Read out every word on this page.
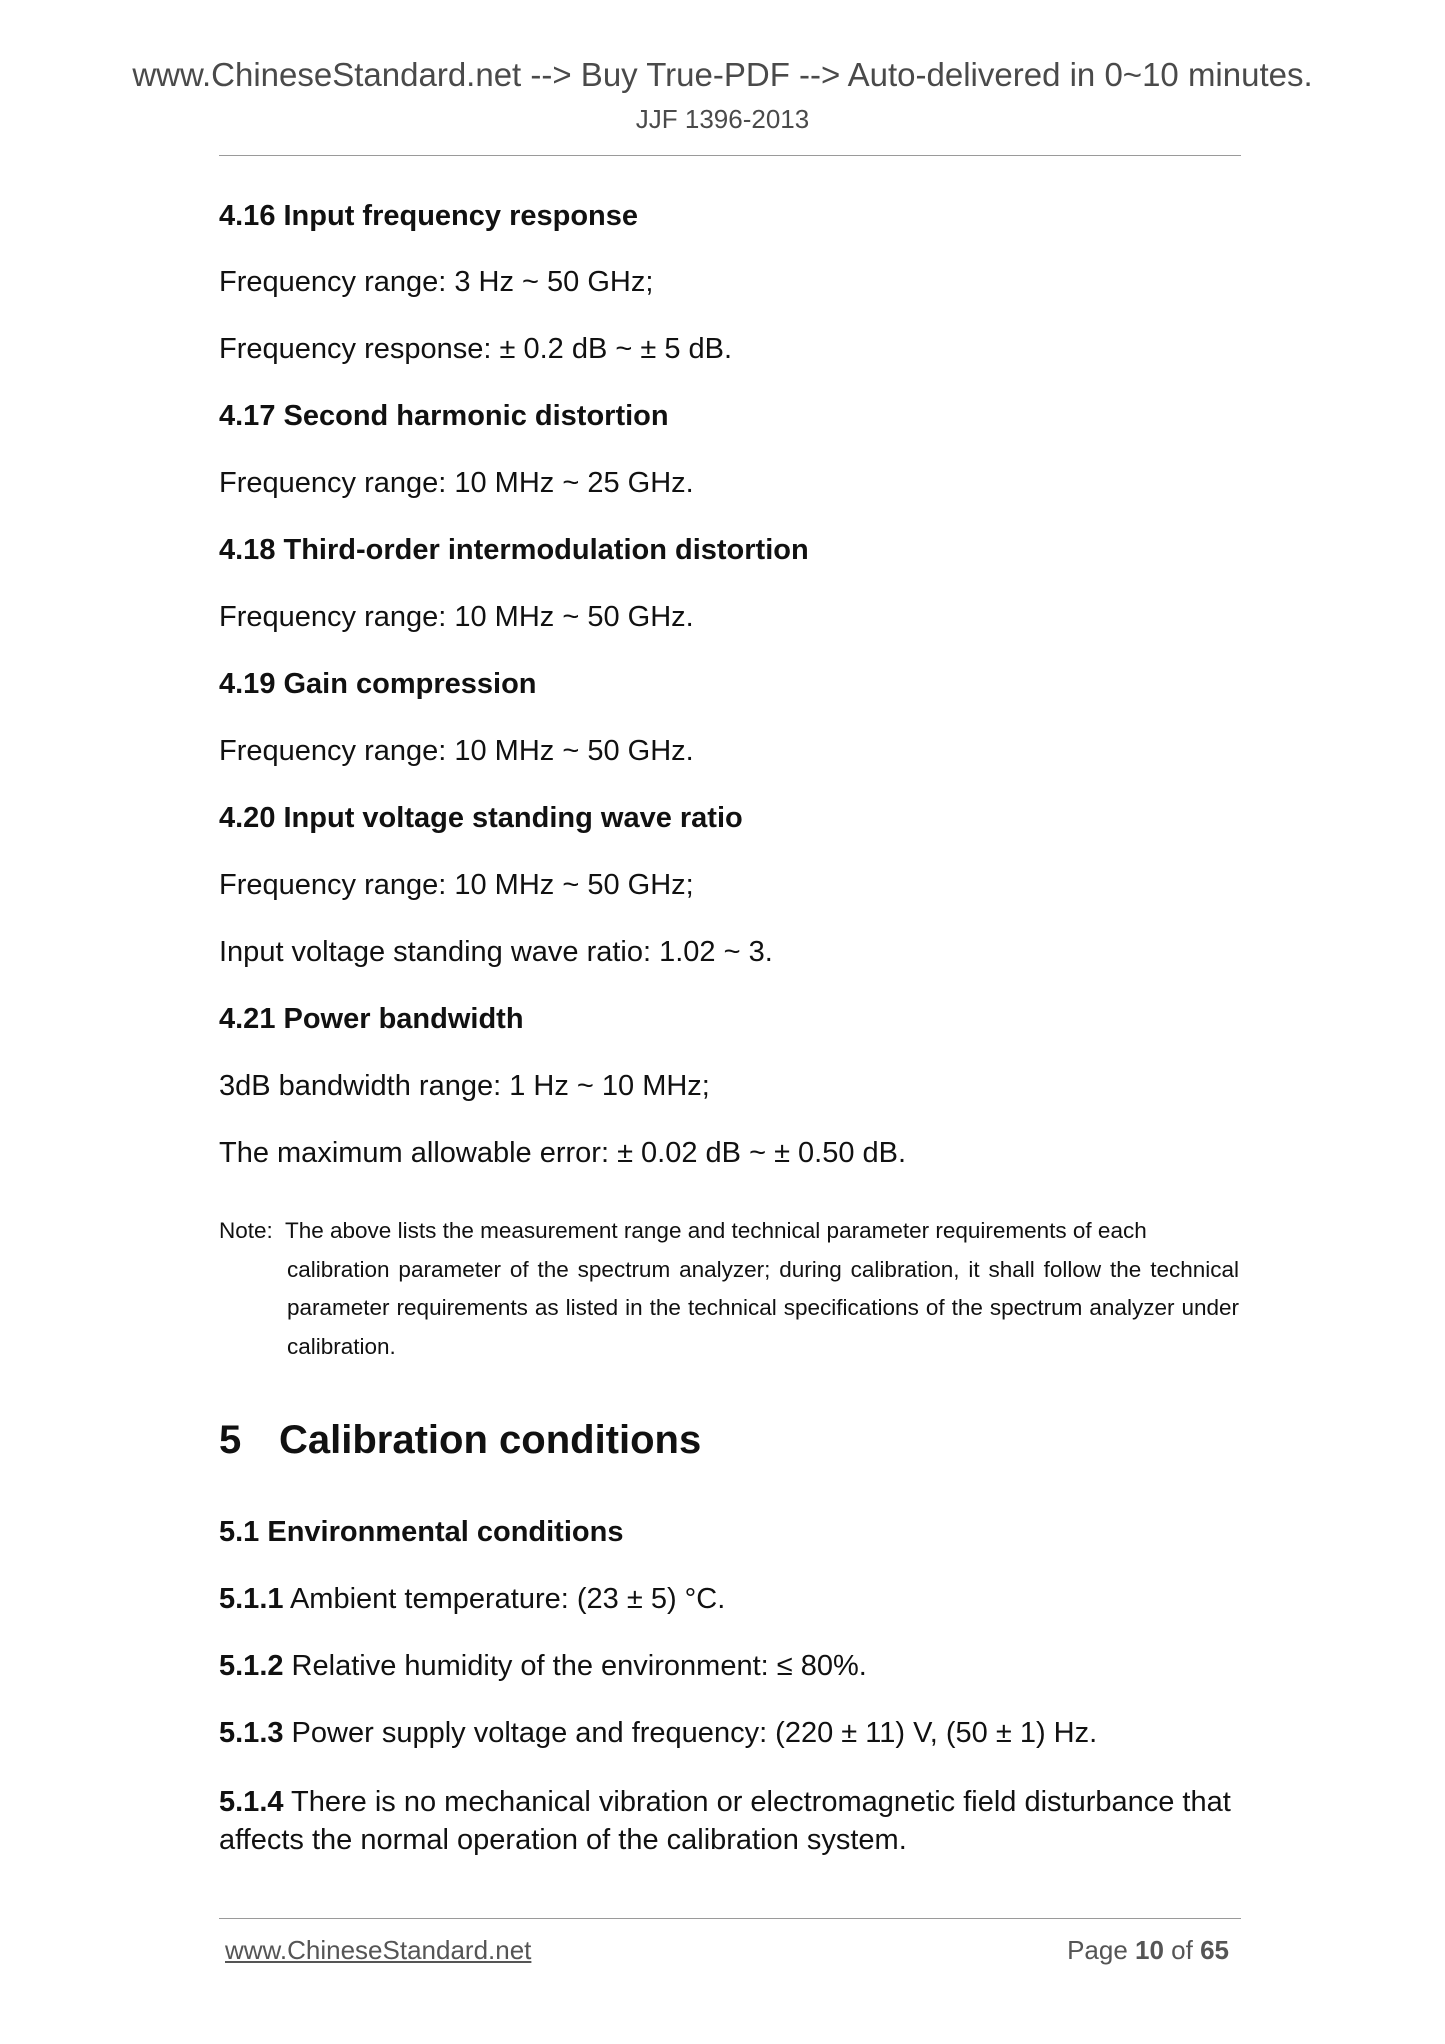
www.ChineseStandard.net --> Buy True-PDF --> Auto-delivered in 0~10 minutes.
JJF 1396-2013
4.16 Input frequency response
Frequency range: 3 Hz ~ 50 GHz;
Frequency response: ± 0.2 dB ~ ± 5 dB.
4.17 Second harmonic distortion
Frequency range: 10 MHz ~ 25 GHz.
4.18 Third-order intermodulation distortion
Frequency range: 10 MHz ~ 50 GHz.
4.19 Gain compression
Frequency range: 10 MHz ~ 50 GHz.
4.20 Input voltage standing wave ratio
Frequency range: 10 MHz ~ 50 GHz;
Input voltage standing wave ratio: 1.02 ~ 3.
4.21 Power bandwidth
3dB bandwidth range: 1 Hz ~ 10 MHz;
The maximum allowable error: ± 0.02 dB ~ ± 0.50 dB.
Note: The above lists the measurement range and technical parameter requirements of each
calibration parameter of the spectrum analyzer; during calibration, it shall follow the technical parameter requirements as listed in the technical specifications of the spectrum analyzer under calibration.
5 Calibration conditions
5.1 Environmental conditions
5.1.1 Ambient temperature: (23 ± 5) °C.
5.1.2 Relative humidity of the environment: ≤ 80%.
5.1.3 Power supply voltage and frequency: (220 ± 11) V, (50 ± 1) Hz.
5.1.4 There is no mechanical vibration or electromagnetic field disturbance that affects the normal operation of the calibration system.
www.ChineseStandard.net	Page 10 of 65
